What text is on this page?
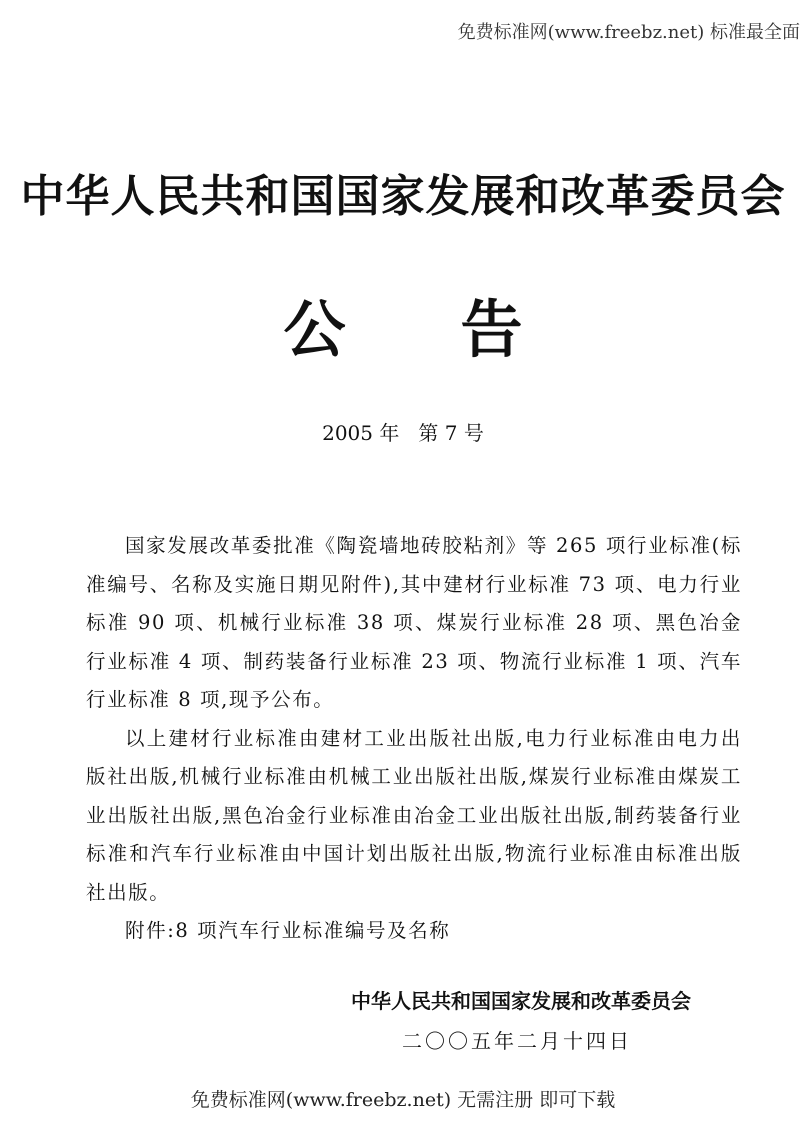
免费标准网(www.freebz.net) 标准最全面
中华人民共和国国家发展和改革委员会
公 告
2005 年   第 7 号

国家发展改革委批准《陶瓷墙地砖胶粘剂》等 265 项行业标准(标准编号、名称及实施日期见附件),其中建材行业标准 73 项、电力行业标准 90 项、机械行业标准 38 项、煤炭行业标准 28 项、黑色冶金行业标准 4 项、制药装备行业标准 23 项、物流行业标准 1 项、汽车行业标准 8 项,现予公布。

以上建材行业标准由建材工业出版社出版,电力行业标准由电力出版社出版,机械行业标准由机械工业出版社出版,煤炭行业标准由煤炭工业出版社出版,黑色冶金行业标准由冶金工业出版社出版,制药装备行业标准和汽车行业标准由中国计划出版社出版,物流行业标准由标准出版社出版。

附件:8 项汽车行业标准编号及名称

中华人民共和国国家发展和改革委员会
二〇〇五年二月十四日
免费标准网(www.freebz.net) 无需注册 即可下载
